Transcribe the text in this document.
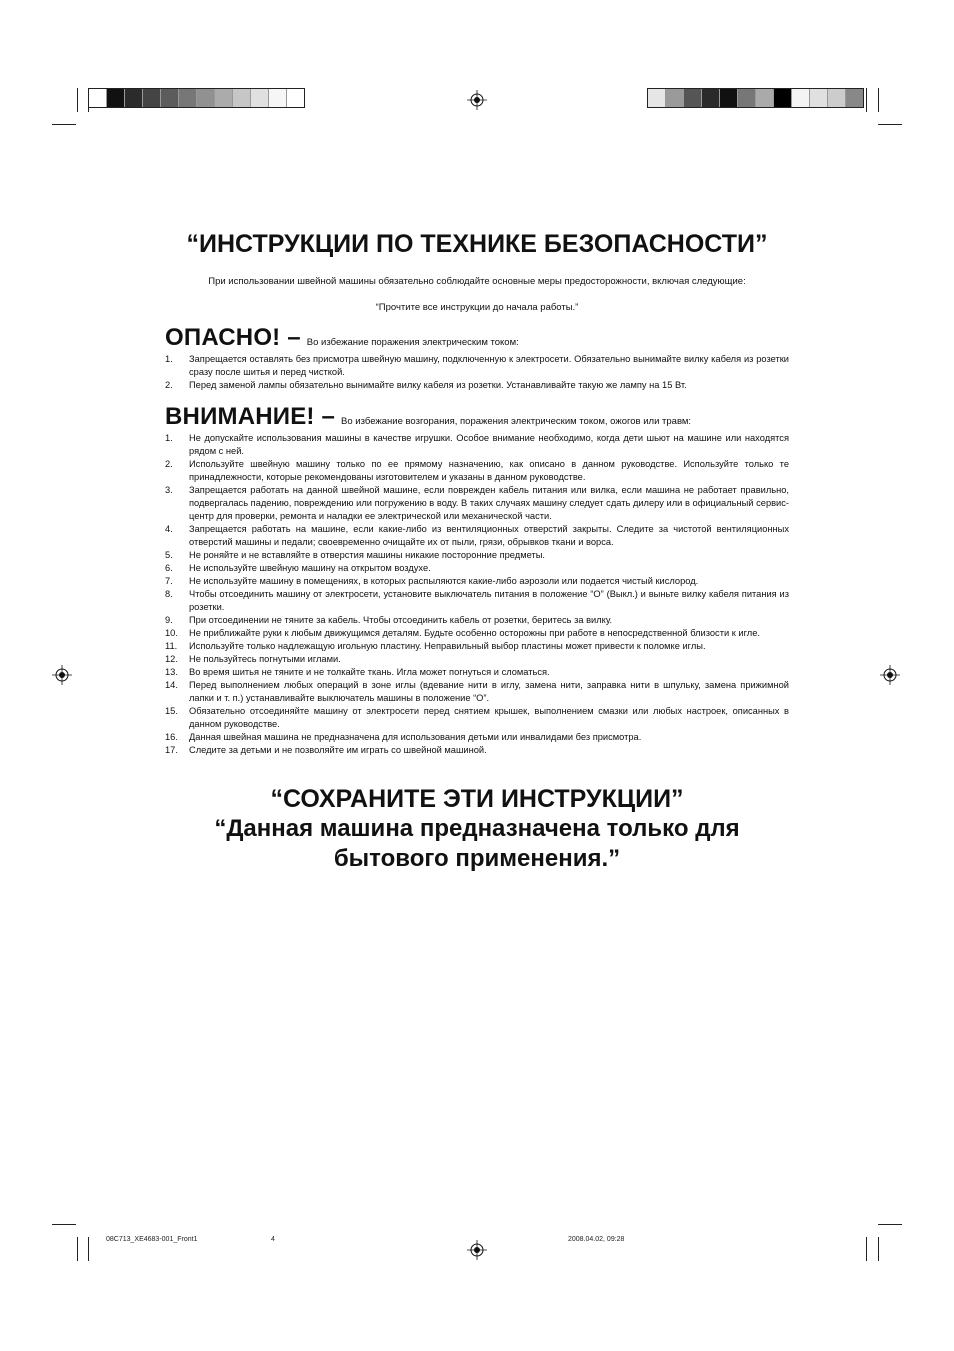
“ИНСТРУКЦИИ ПО ТЕХНИКЕ БЕЗОПАСНОСТИ”
При использовании швейной машины обязательно соблюдайте основные меры предосторожности, включая следующие:
“Прочтите все инструкции до начала работы.”
ОПАСНО! – Во избежание поражения электрическим током:
1. Запрещается оставлять без присмотра швейную машину, подключенную к электросети. Обязательно вынимайте вилку кабеля из розетки сразу после шитья и перед чисткой.
2. Перед заменой лампы обязательно вынимайте вилку кабеля из розетки. Устанавливайте такую же лампу на 15 Вт.
ВНИМАНИЕ! – Во избежание возгорания, поражения электрическим током, ожогов или травм:
1. Не допускайте использования машины в качестве игрушки. Особое внимание необходимо, когда дети шьют на машине или находятся рядом с ней.
2. Используйте швейную машину только по ее прямому назначению, как описано в данном руководстве. Используйте только те принадлежности, которые рекомендованы изготовителем и указаны в данном руководстве.
3. Запрещается работать на данной швейной машине, если поврежден кабель питания или вилка, если машина не работает правильно, подвергалась падению, повреждению или погружению в воду. В таких случаях машину следует сдать дилеру или в официальный сервис-центр для проверки, ремонта и наладки ее электрической или механической части.
4. Запрещается работать на машине, если какие-либо из вентиляционных отверстий закрыты. Следите за чистотой вентиляционных отверстий машины и педали; своевременно очищайте их от пыли, грязи, обрывков ткани и ворса.
5. Не роняйте и не вставляйте в отверстия машины никакие посторонние предметы.
6. Не используйте швейную машину на открытом воздухе.
7. Не используйте машину в помещениях, в которых распыляются какие-либо аэрозоли или подается чистый кислород.
8. Чтобы отсоединить машину от электросети, установите выключатель питания в положение “O” (Выкл.) и выньте вилку кабеля питания из розетки.
9. При отсоединении не тяните за кабель. Чтобы отсоединить кабель от розетки, беритесь за вилку.
10. Не приближайте руки к любым движущимся деталям. Будьте особенно осторожны при работе в непосредственной близости к игле.
11. Используйте только надлежащую игольную пластину. Неправильный выбор пластины может привести к поломке иглы.
12. Не пользуйтесь погнутыми иглами.
13. Во время шитья не тяните и не толкайте ткань. Игла может погнуться и сломаться.
14. Перед выполнением любых операций в зоне иглы (вдевание нити в иглу, замена нити, заправка нити в шпульку, замена прижимной лапки и т. п.) устанавливайте выключатель машины в положение “O”.
15. Обязательно отсоединяйте машину от электросети перед снятием крышек, выполнением смазки или любых настроек, описанных в данном руководстве.
16. Данная швейная машина не предназначена для использования детьми или инвалидами без присмотра.
17. Следите за детьми и не позволяйте им играть со швейной машиной.
“СОХРАНИТЕ ЭТИ ИНСТРУКЦИИ”
“Данная машина предназначена только для
бытового применения.”
08C713_XE4683-001_Front1	4	2008.04.02, 09:28
